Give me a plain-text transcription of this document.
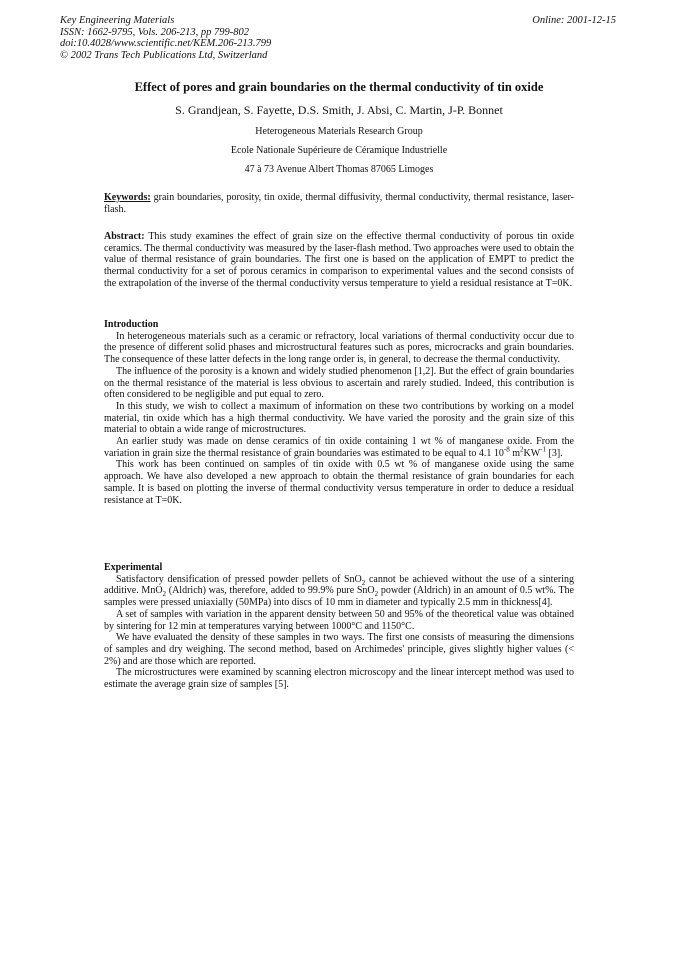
Key Engineering Materials
ISSN: 1662-9795, Vols. 206-213, pp 799-802
doi:10.4028/www.scientific.net/KEM.206-213.799
© 2002 Trans Tech Publications Ltd, Switzerland
Online: 2001-12-15
Effect of pores and grain boundaries on the thermal conductivity of tin oxide
S. Grandjean, S. Fayette, D.S. Smith, J. Absi, C. Martin, J-P. Bonnet
Heterogeneous Materials Research Group
Ecole Nationale Supérieure de Céramique Industrielle
47 à 73 Avenue Albert Thomas 87065 Limoges

Keywords: grain boundaries, porosity, tin oxide, thermal diffusivity, thermal conductivity, thermal resistance, laser-flash.

Abstract: This study examines the effect of grain size on the effective thermal conductivity of porous tin oxide ceramics. The thermal conductivity was measured by the laser-flash method. Two approaches were used to obtain the value of thermal resistance of grain boundaries. The first one is based on the application of EMPT to predict the thermal conductivity for a set of porous ceramics in comparison to experimental values and the second consists of the extrapolation of the inverse of the thermal conductivity versus temperature to yield a residual resistance at T=0K.

Introduction

In heterogeneous materials such as a ceramic or refractory, local variations of thermal conductivity occur due to the presence of different solid phases and microstructural features such as pores, microcracks and grain boundaries. The consequence of these latter defects in the long range order is, in general, to decrease the thermal conductivity.

The influence of the porosity is a known and widely studied phenomenon [1,2]. But the effect of grain boundaries on the thermal resistance of the material is less obvious to ascertain and rarely studied. Indeed, this contribution is often considered to be negligible and put equal to zero.

In this study, we wish to collect a maximum of information on these two contributions by working on a model material, tin oxide which has a high thermal conductivity. We have varied the porosity and the grain size of this material to obtain a wide range of microstructures.

An earlier study was made on dense ceramics of tin oxide containing 1 wt % of manganese oxide. From the variation in grain size the thermal resistance of grain boundaries was estimated to be equal to 4.1 $10^{-8}$ $m^2KW^{-1}$ [3].

This work has been continued on samples of tin oxide with 0.5 wt % of manganese oxide using the same approach. We have also developed a new approach to obtain the thermal resistance of grain boundaries for each sample. It is based on plotting the inverse of thermal conductivity versus temperature in order to deduce a residual resistance at T=0K.

Experimental

Satisfactory densification of pressed powder pellets of SnO$_2$ cannot be achieved without the use of a sintering additive. MnO$_2$ (Aldrich) was, therefore, added to 99.9% pure SnO$_2$ powder (Aldrich) in an amount of 0.5 wt%. The samples were pressed uniaxially (50MPa) into discs of 10 mm in diameter and typically 2.5 mm in thickness[4].

A set of samples with variation in the apparent density between 50 and 95% of the theoretical value was obtained by sintering for 12 min at temperatures varying between 1000°C and 1150°C.

We have evaluated the density of these samples in two ways. The first one consists of measuring the dimensions of samples and dry weighing. The second method, based on Archimedes' principle, gives slightly higher values (< 2%) and are those which are reported.

The microstructures were examined by scanning electron microscopy and the linear intercept method was used to estimate the average grain size of samples [5].
